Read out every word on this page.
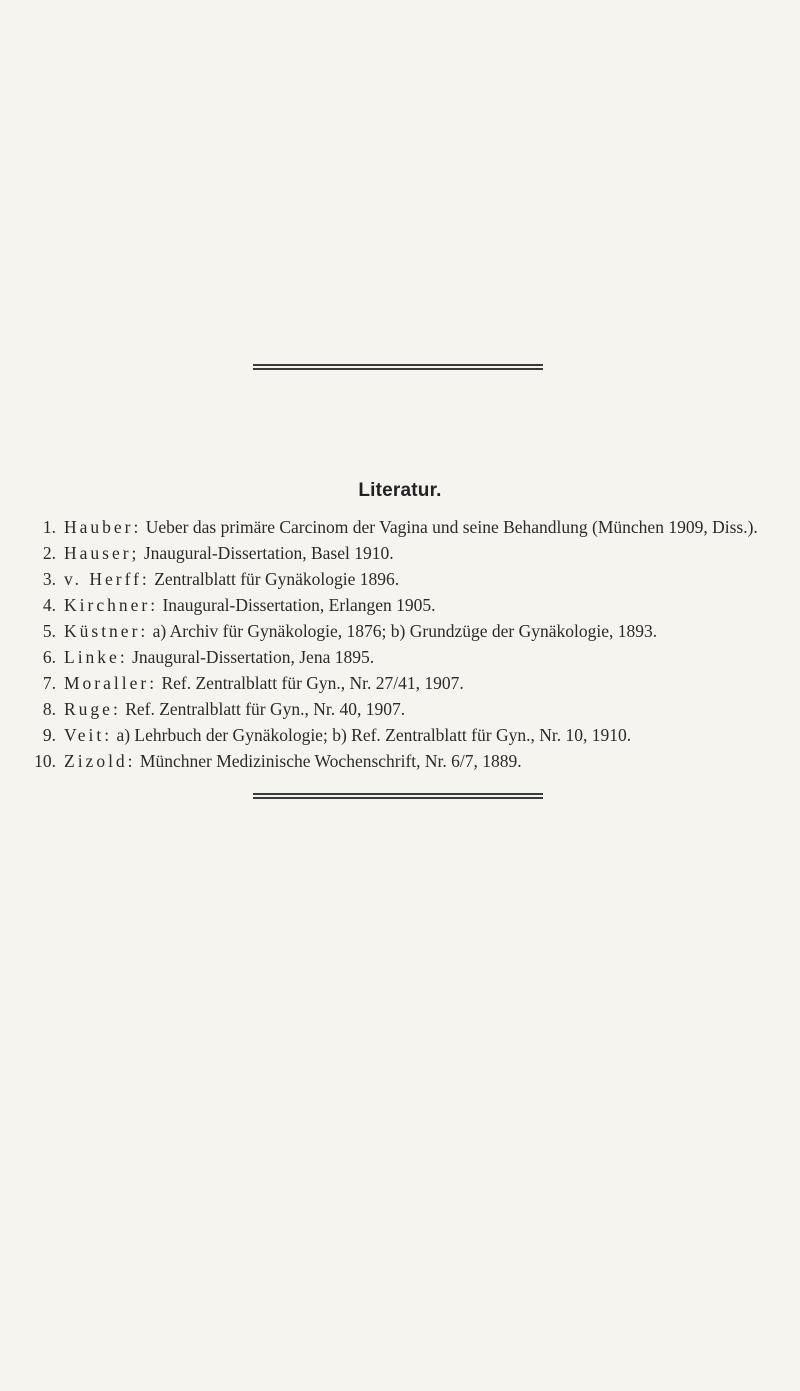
Literatur.
1. Hauber: Ueber das primäre Carcinom der Vagina und seine Behandlung (München 1909, Diss.).
2. Hauser; Jnaugural-Dissertation, Basel 1910.
3. v. Herff: Zentralblatt für Gynäkologie 1896.
4. Kirchner: Inaugural-Dissertation, Erlangen 1905.
5. Küstner: a) Archiv für Gynäkologie, 1876; b) Grundzüge der Gynäkologie, 1893.
6. Linke: Jnaugural-Dissertation, Jena 1895.
7. Moraller: Ref. Zentralblatt für Gyn., Nr. 27/41, 1907.
8. Ruge: Ref. Zentralblatt für Gyn., Nr. 40, 1907.
9. Veit: a) Lehrbuch der Gynäkologie; b) Ref. Zentralblatt für Gyn., Nr. 10, 1910.
10. Zizold: Münchner Medizinische Wochenschrift, Nr. 6/7, 1889.
